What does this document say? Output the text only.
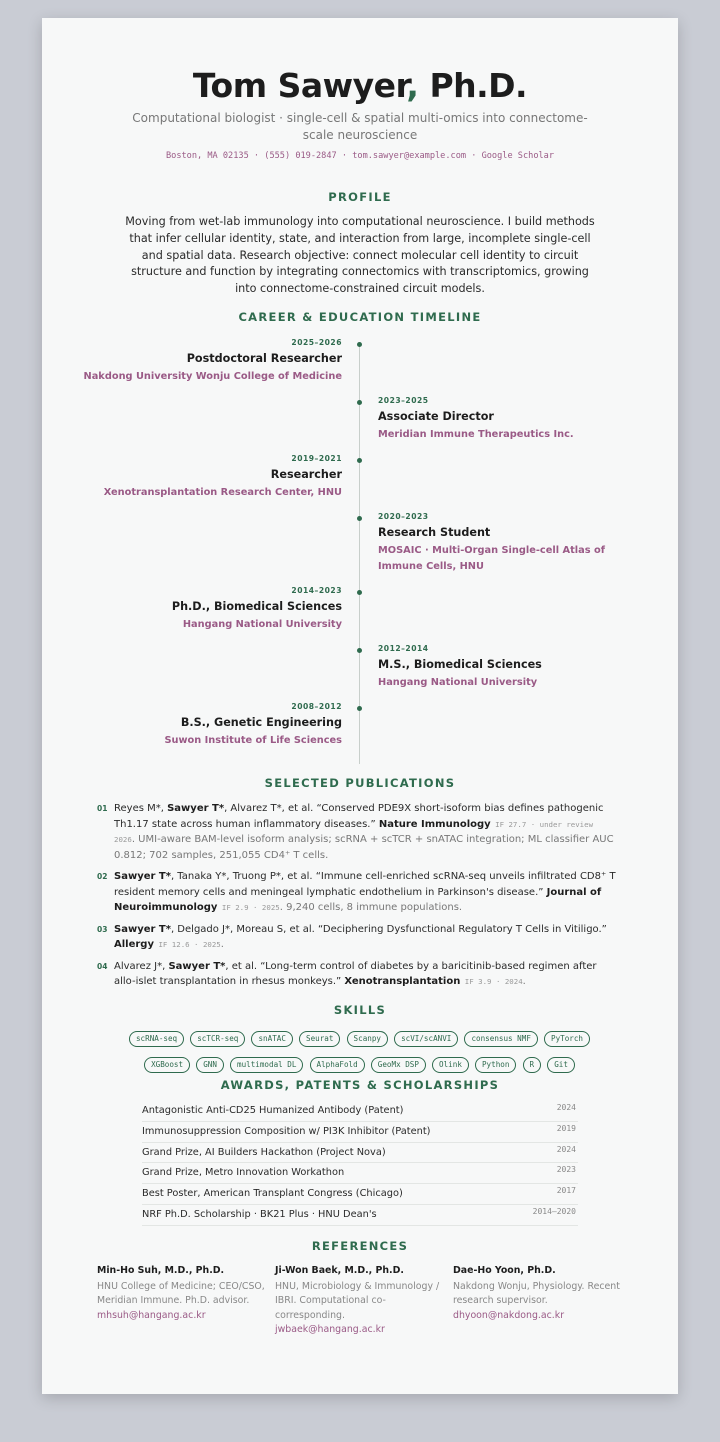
Tom Sawyer, Ph.D.
Computational biologist · single-cell & spatial multi-omics into connectome-scale neuroscience
Boston, MA 02135 · (555) 019-2847 · tom.sawyer@example.com · Google Scholar
PROFILE
Moving from wet-lab immunology into computational neuroscience. I build methods that infer cellular identity, state, and interaction from large, incomplete single-cell and spatial data. Research objective: connect molecular cell identity to circuit structure and function by integrating connectomics with transcriptomics, growing into connectome-constrained circuit models.
CAREER & EDUCATION TIMELINE
2025–2026
Postdoctoral Researcher
Nakdong University Wonju College of Medicine
2023–2025
Associate Director
Meridian Immune Therapeutics Inc.
2019–2021
Researcher
Xenotransplantation Research Center, HNU
2020–2023
Research Student
MOSAIC · Multi-Organ Single-cell Atlas of Immune Cells, HNU
2014–2023
Ph.D., Biomedical Sciences
Hangang National University
2012–2014
M.S., Biomedical Sciences
Hangang National University
2008–2012
B.S., Genetic Engineering
Suwon Institute of Life Sciences
SELECTED PUBLICATIONS
01 Reyes M*, Sawyer T*, Alvarez T*, et al. “Conserved PDE9X short-isoform bias defines pathogenic Th1.17 state across human inflammatory diseases.” Nature Immunology IF 27.7 · under review 2026. UMI-aware BAM-level isoform analysis; scRNA + scTCR + snATAC integration; ML classifier AUC 0.812; 702 samples, 251,055 CD4⁺ T cells.
02 Sawyer T*, Tanaka Y*, Truong P*, et al. “Immune cell-enriched scRNA-seq unveils infiltrated CD8⁺ T resident memory cells and meningeal lymphatic endothelium in Parkinson's disease.” Journal of Neuroimmunology IF 2.9 · 2025. 9,240 cells, 8 immune populations.
03 Sawyer T*, Delgado J*, Moreau S, et al. “Deciphering Dysfunctional Regulatory T Cells in Vitiligo.” Allergy IF 12.6 · 2025.
04 Alvarez J*, Sawyer T*, et al. “Long-term control of diabetes by a baricitinib-based regimen after allo-islet transplantation in rhesus monkeys.” Xenotransplantation IF 3.9 · 2024.
SKILLS
scRNA-seq	scTCR-seq	snATAC	Seurat	Scanpy	scVI/scANVI	consensus NMF	PyTorch XGBoost	GNN	multimodal DL	AlphaFold	GeoMx DSP	Olink	Python	R	Git
AWARDS, PATENTS & SCHOLARSHIPS
Antagonistic Anti-CD25 Humanized Antibody (Patent)	2024
Immunosuppression Composition w/ PI3K Inhibitor (Patent)	2019
Grand Prize, AI Builders Hackathon (Project Nova)	2024
Grand Prize, Metro Innovation Workathon	2023
Best Poster, American Transplant Congress (Chicago)	2017
NRF Ph.D. Scholarship · BK21 Plus · HNU Dean's	2014–2020
REFERENCES
Min-Ho Suh, M.D., Ph.D.
HNU College of Medicine; CEO/CSO, Meridian Immune. Ph.D. advisor.
mhsuh@hangang.ac.kr
Ji-Won Baek, M.D., Ph.D.
HNU, Microbiology & Immunology / IBRI. Computational co-corresponding.
jwbaek@hangang.ac.kr
Dae-Ho Yoon, Ph.D.
Nakdong Wonju, Physiology. Recent research supervisor.
dhyoon@nakdong.ac.kr
